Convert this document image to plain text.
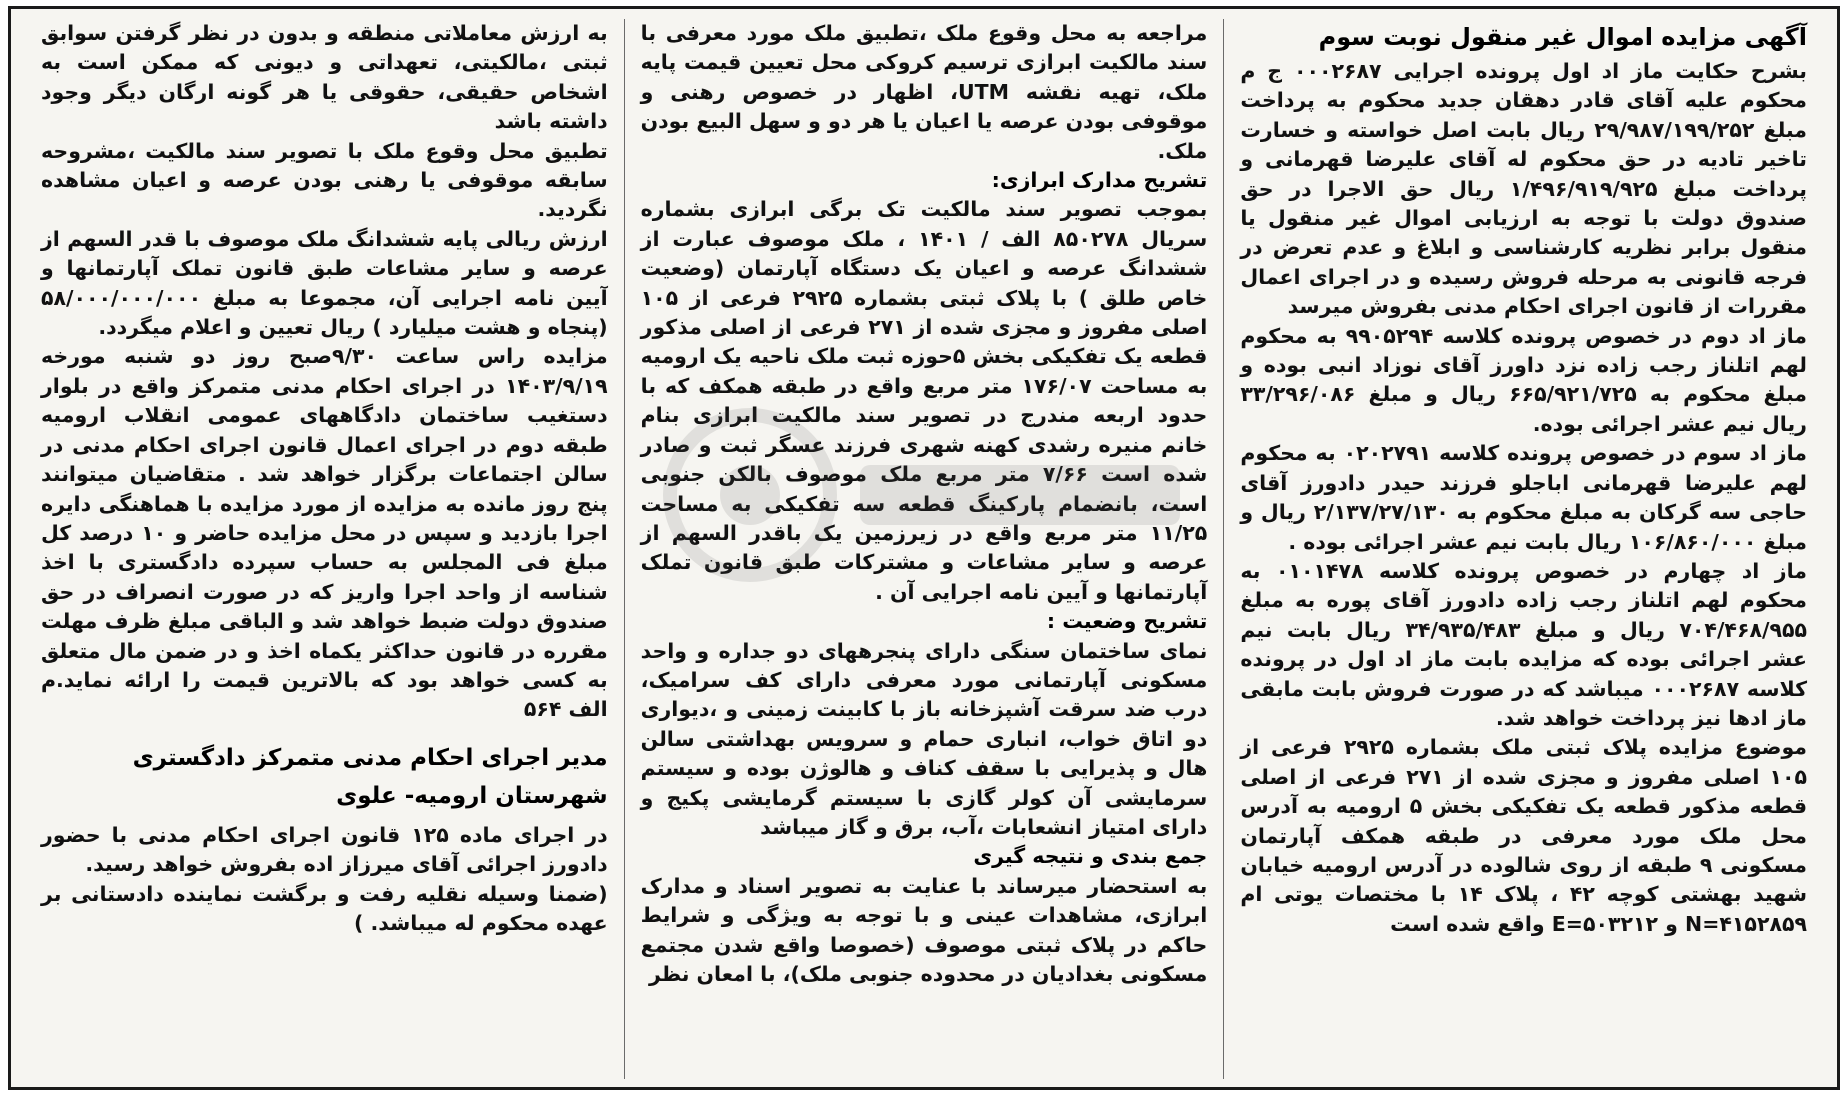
آگهی مزایده اموال غیر منقول نوبت سوم

بشرح حکایت ماز اد اول پرونده اجرایی ۰۰۰۲۶۸۷ ج م محکوم علیه آقای قادر دهقان جدید محکوم به پرداخت مبلغ ۲۹/۹۸۷/۱۹۹/۲۵۲ ریال بابت اصل خواسته و خسارت تاخیر تادیه در حق محکوم له آقای علیرضا قهرمانی و پرداخت مبلغ ۱/۴۹۶/۹۱۹/۹۲۵ ریال حق الاجرا در حق صندوق دولت با توجه به ارزیابی اموال غیر منقول یا منقول برابر نظریه کارشناسی و ابلاغ و عدم تعرض در فرجه قانونی به مرحله فروش رسیده و در اجرای اعمال مقررات از قانون اجرای احکام مدنی بفروش میرسد

ماز اد دوم در خصوص پرونده کلاسه ۹۹۰۵۲۹۴ به محکوم لهم اتلناز رجب زاده نزد داورز آقای نوزاد انبی بوده و مبلغ محکوم به ۶۶۵/۹۲۱/۷۲۵ ریال و مبلغ ۳۳/۲۹۶/۰۸۶ ریال نیم عشر اجرائی بوده.

ماز اد سوم در خصوص پرونده کلاسه ۰۲۰۲۷۹۱ به محکوم لهم علیرضا قهرمانی اباجلو فرزند حیدر دادورز آقای حاجی سه گرکان به مبلغ محکوم به ۲/۱۳۷/۲۷/۱۳۰ ریال و مبلغ ۱۰۶/۸۶۰/۰۰۰ ریال بابت نیم عشر اجرائی بوده .

ماز اد چهارم در خصوص پرونده کلاسه ۰۱۰۱۴۷۸ به محکوم لهم اتلناز رجب زاده دادورز آقای پوره به مبلغ ۷۰۴/۴۶۸/۹۵۵ ریال و مبلغ ۳۴/۹۳۵/۴۸۳ ریال بابت نیم عشر اجرائی بوده که مزایده بابت ماز اد اول در پرونده کلاسه ۰۰۰۲۶۸۷ میباشد که در صورت فروش بابت مابقی ماز ادها نیز پرداخت خواهد شد.

موضوع مزایده پلاک ثبتی ملک بشماره ۲۹۲۵ فرعی از ۱۰۵ اصلی مفروز و مجزی شده از ۲۷۱ فرعی از اصلی قطعه مذکور قطعه یک تفکیکی بخش ۵ ارومیه به آدرس محل ملک مورد معرفی در طبقه همکف آپارتمان مسکونی ۹ طبقه از روی شالوده در آدرس ارومیه خیابان شهید بهشتی کوچه ۴۲ ، پلاک ۱۴ با مختصات یوتی ام ۴۱۵۲۸۵۹=N و ۵۰۳۲۱۲=E واقع شده است

مراجعه به محل وقوع ملک ،تطبیق ملک مورد معرفی با سند مالکیت ابرازی ترسیم کروکی محل تعیین قیمت پایه ملک، تهیه نقشه UTM، اظهار در خصوص رهنی و موقوفی بودن عرصه یا اعیان یا هر دو و سهل البیع بودن ملک.

تشریح مدارک ابرازی:

بموجب تصویر سند مالکیت تک برگی ابرازی بشماره سریال ۸۵۰۲۷۸ الف / ۱۴۰۱ ، ملک موصوف عبارت از ششدانگ عرصه و اعیان یک دستگاه آپارتمان (وضعیت خاص طلق ) با پلاک ثبتی بشماره ۲۹۲۵ فرعی از ۱۰۵ اصلی مفروز و مجزی شده از ۲۷۱ فرعی از اصلی مذکور قطعه یک تفکیکی بخش ۵حوزه ثبت ملک ناحیه یک ارومیه به مساحت ۱۷۶/۰۷ متر مربع واقع در طبقه همکف که با حدود اربعه مندرج در تصویر سند مالکیت ابرازی بنام خانم منیره رشدی کهنه شهری فرزند عسگر ثبت و صادر شده است ۷/۶۶ متر مربع ملک موصوف بالکن جنوبی است، بانضمام پارکینگ قطعه سه تفکیکی به مساحت ۱۱/۲۵ متر مربع واقع در زیرزمین یک باقدر السهم از عرصه و سایر مشاعات و مشترکات طبق قانون تملک آپارتمانها و آیین نامه اجرایی آن .

تشریح وضعیت :

نمای ساختمان سنگی دارای پنجرههای دو جداره و واحد مسکونی آپارتمانی مورد معرفی دارای کف سرامیک، درب ضد سرقت آشپزخانه باز با کابینت زمینی و ،دیواری دو اتاق خواب، انباری حمام و سرویس بهداشتی سالن هال و پذیرایی با سقف کناف و هالوژن بوده و سیستم سرمایشی آن کولر گازی با سیستم گرمایشی پکیج و دارای امتیاز انشعابات ،آب، برق و گاز میباشد

جمع بندی و نتیجه گیری

به استحضار میرساند با عنایت به تصویر اسناد و مدارک ابرازی، مشاهدات عینی و با توجه به ویژگی و شرایط حاکم در پلاک ثبتی موصوف (خصوصا واقع شدن مجتمع مسکونی بغدادیان در محدوده جنوبی ملک)، با امعان نظر

به ارزش معاملاتی منطقه و بدون در نظر گرفتن سوابق ثبتی ،مالکیتی، تعهداتی و دیونی که ممکن است به اشخاص حقیقی، حقوقی یا هر گونه ارگان دیگر وجود داشته باشد

تطبیق محل وقوع ملک با تصویر سند مالکیت ،مشروحه سابقه موقوفی یا رهنی بودن عرصه و اعیان مشاهده نگردید.

ارزش ریالی پایه ششدانگ ملک موصوف با قدر السهم از عرصه و سایر مشاعات طبق قانون تملک آپارتمانها و آیین نامه اجرایی آن، مجموعا به مبلغ ۵۸/۰۰۰/۰۰۰/۰۰۰ (پنجاه و هشت میلیارد ) ریال تعیین و اعلام میگردد.

مزایده راس ساعت ۹/۳۰صبح روز دو شنبه مورخه ۱۴۰۳/۹/۱۹ در اجرای احکام مدنی متمرکز واقع در بلوار دستغیب ساختمان دادگاههای عمومی انقلاب ارومیه طبقه دوم در اجرای اعمال قانون اجرای احکام مدنی در سالن اجتماعات برگزار خواهد شد . متقاضیان میتوانند پنج روز مانده به مزایده از مورد مزایده با هماهنگی دایره اجرا بازدید و سپس در محل مزایده حاضر و ۱۰ درصد کل مبلغ فی المجلس به حساب سپرده دادگستری با اخذ شناسه از واحد اجرا واریز که در صورت انصراف در حق صندوق دولت ضبط خواهد شد و الباقی مبلغ ظرف مهلت مقرره در قانون حداکثر یکماه اخذ و در ضمن مال متعلق به کسی خواهد بود که بالاترین قیمت را ارائه نماید.م الف ۵۶۴

مدیر اجرای احکام مدنی متمرکز دادگستری شهرستان ارومیه- علوی

در اجرای ماده ۱۲۵ قانون اجرای احکام مدنی با حضور دادورز اجرائی آقای میرزاز اده بفروش خواهد رسید.

(ضمنا وسیله نقلیه رفت و برگشت نماینده دادستانی بر عهده محکوم له میباشد. )
